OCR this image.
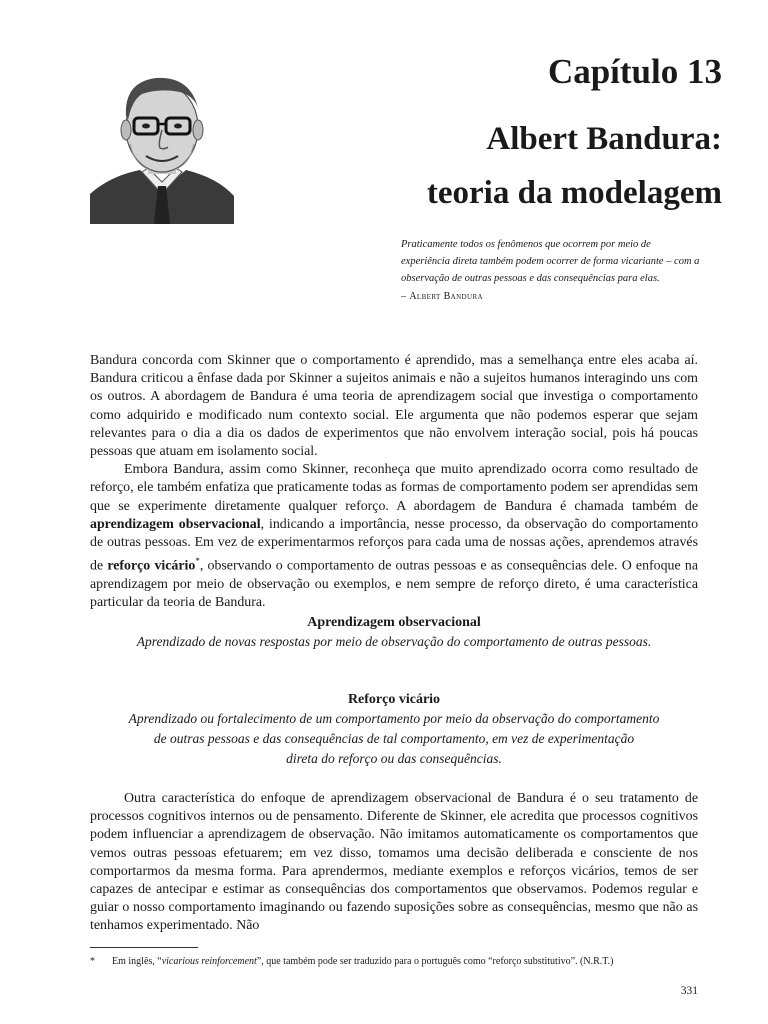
Capítulo 13
Albert Bandura:
teoria da modelagem
Praticamente todos os fenômenos que ocorrem por meio de experiência direta também podem ocorrer de forma vicariante – com a observação de outras pessoas e das consequências para elas.
– Albert Bandura

Bandura concorda com Skinner que o comportamento é aprendido, mas a semelhança entre eles acaba aí. Bandura criticou a ênfase dada por Skinner a sujeitos animais e não a sujeitos humanos interagindo uns com os outros. A abordagem de Bandura é uma teoria de aprendizagem social que investiga o comportamento como adquirido e modificado num contexto social. Ele argumenta que não podemos esperar que sejam relevantes para o dia a dia os dados de experimentos que não envolvem interação social, pois há poucas pessoas que atuam em isolamento social.

Embora Bandura, assim como Skinner, reconheça que muito aprendizado ocorra como resultado de reforço, ele também enfatiza que praticamente todas as formas de comportamento podem ser aprendidas sem que se experimente diretamente qualquer reforço. A abordagem de Bandura é chamada também de aprendizagem observacional, indicando a importância, nesse processo, da observação do comportamento de outras pessoas. Em vez de experimentarmos reforços para cada uma de nossas ações, aprendemos através de reforço vicário*, observando o comportamento de outras pessoas e as consequências dele. O enfoque na aprendizagem por meio de observação ou exemplos, e nem sempre de reforço direto, é uma característica particular da teoria de Bandura.

Aprendizagem observacional
Aprendizado de novas respostas por meio de observação do comportamento de outras pessoas.
Reforço vicário
Aprendizado ou fortalecimento de um comportamento por meio da observação do comportamento
de outras pessoas e das consequências de tal comportamento, em vez de experimentação
direta do reforço ou das consequências.

Outra característica do enfoque de aprendizagem observacional de Bandura é o seu tratamento de processos cognitivos internos ou de pensamento. Diferente de Skinner, ele acredita que processos cognitivos podem influenciar a aprendizagem de observação. Não imitamos automaticamente os comportamentos que vemos outras pessoas efetuarem; em vez disso, tomamos uma decisão deliberada e consciente de nos comportarmos da mesma forma. Para aprendermos, mediante exemplos e reforços vicários, temos de ser capazes de antecipar e estimar as consequências dos comportamentos que observamos. Podemos regular e guiar o nosso comportamento imaginando ou fazendo suposições sobre as consequências, mesmo que não as tenhamos experimentado. Não

* Em inglês, “vicarious reinforcement”, que também pode ser traduzido para o português como “reforço substitutivo”. (N.R.T.)
331
